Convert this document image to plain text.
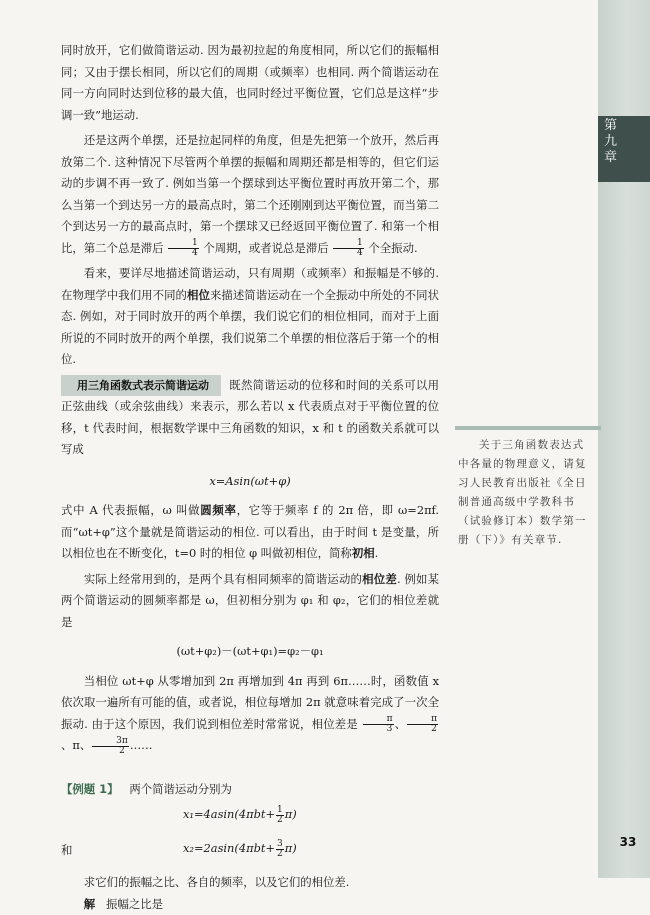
第
九
章

同时放开，它们做简谐运动. 因为最初拉起的角度相同，所以它们的振幅相同；又由于摆长相同，所以它们的周期（或频率）也相同. 两个简谐运动在同一方向同时达到位移的最大值，也同时经过平衡位置，它们总是这样“步调一致”地运动.

还是这两个单摆，还是拉起同样的角度，但是先把第一个放开，然后再放第二个. 这种情况下尽管两个单摆的振幅和周期还都是相等的，但它们运动的步调不再一致了. 例如当第一个摆球到达平衡位置时再放开第二个，那么当第一个到达另一方的最高点时，第二个还刚刚到达平衡位置，而当第二个到达另一方的最高点时，第一个摆球又已经返回平衡位置了. 和第一个相比，第二个总是滞后 $\frac{1}{4}$ 个周期，或者说总是滞后 $\frac{1}{4}$ 个全振动.

看来，要详尽地描述简谐运动，只有周期（或频率）和振幅是不够的. 在物理学中我们用不同的相位来描述简谐运动在一个全振动中所处的不同状态. 例如，对于同时放开的两个单摆，我们说它们的相位相同，而对于上面所说的不同时放开的两个单摆，我们说第二个单摆的相位落后于第一个的相位.

用三角函数式表示简谐运动 既然简谐运动的位移和时间的关系可以用正弦曲线（或余弦曲线）来表示，那么若以 x 代表质点对于平衡位置的位移，t 代表时间，根据数学课中三角函数的知识，x 和 t 的函数关系就可以写成

x=Asin(ωt+φ)

式中 A 代表振幅，ω 叫做圆频率，它等于频率 f 的 2π 倍，即 ω=2πf. 而“ωt+φ”这个量就是简谐运动的相位. 可以看出，由于时间 t 是变量，所以相位也在不断变化，t=0 时的相位 φ 叫做初相位，简称初相.

实际上经常用到的，是两个具有相同频率的简谐运动的相位差. 例如某两个简谐运动的圆频率都是 ω，但初相分别为 φ₁ 和 φ₂，它们的相位差就是

(ωt+φ₂)－(ωt+φ₁)=φ₂－φ₁

当相位 ωt+φ 从零增加到 2π 再增加到 4π 再到 6π……时，函数值 x 依次取一遍所有可能的值，或者说，相位每增加 2π 就意味着完成了一次全振动. 由于这个原因，我们说到相位差时常常说，相位差是 $\frac{\pi}{3}$ 、 $\frac{\pi}{2}$
、π、 $\frac{3\pi}{2}$ ……

【例题 1】 两个简谐运动分别为

$x_1=4asin(4\pi bt+ \frac{1}{2} \pi)$
和	$x_2=2asin(4\pi bt+ \frac{3}{2} \pi)$

求它们的振幅之比、各自的频率，以及它们的相位差.

解 振幅之比是

关于三角函数表达式中各量的物理意义，请复习人民教育出版社《全日制普通高级中学教科书（试验修订本）数学第一册（下）》有关章节.
33
